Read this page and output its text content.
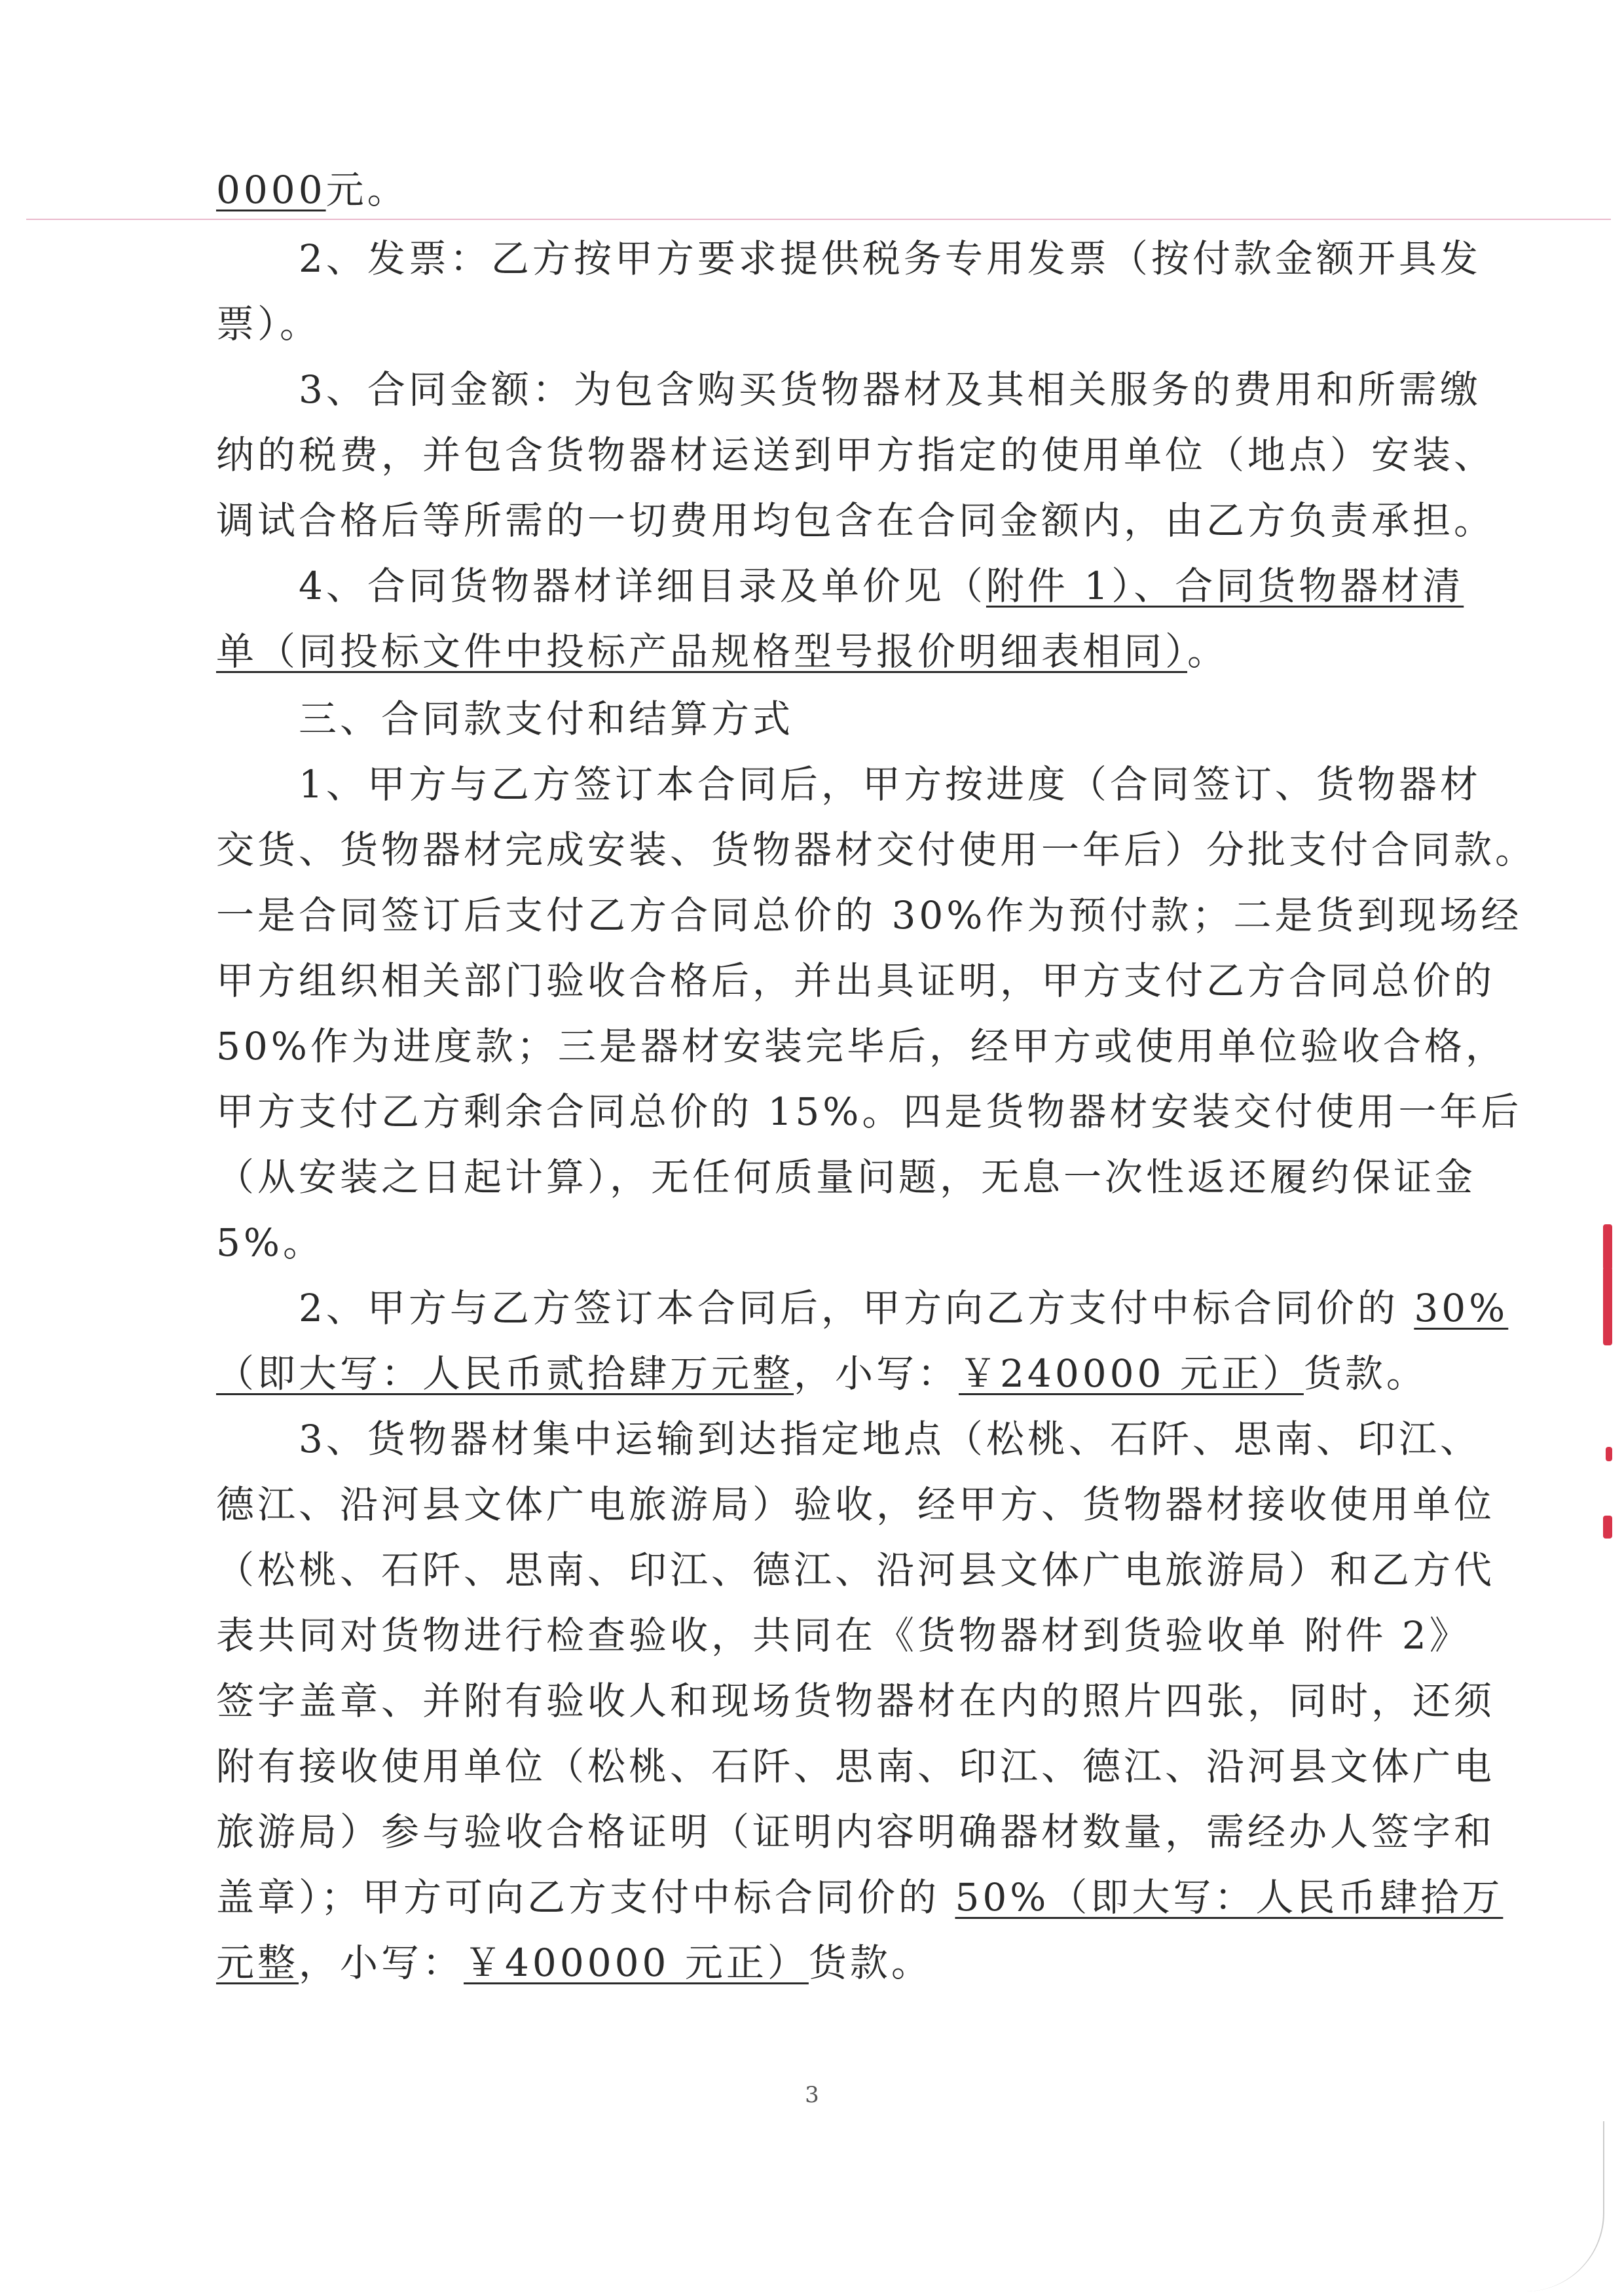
0000元。
　　2、发票：乙方按甲方要求提供税务专用发票（按付款金额开具发
票）。
　　3、合同金额：为包含购买货物器材及其相关服务的费用和所需缴
纳的税费，并包含货物器材运送到甲方指定的使用单位（地点）安装、
调试合格后等所需的一切费用均包含在合同金额内，由乙方负责承担。
　　4、合同货物器材详细目录及单价见（附件 1）、合同货物器材清
单（同投标文件中投标产品规格型号报价明细表相同）。
　　三、合同款支付和结算方式
　　1、甲方与乙方签订本合同后，甲方按进度（合同签订、货物器材
交货、货物器材完成安装、货物器材交付使用一年后）分批支付合同款。
一是合同签订后支付乙方合同总价的 30%作为预付款；二是货到现场经
甲方组织相关部门验收合格后，并出具证明，甲方支付乙方合同总价的
50%作为进度款；三是器材安装完毕后，经甲方或使用单位验收合格，
甲方支付乙方剩余合同总价的 15%。四是货物器材安装交付使用一年后
（从安装之日起计算），无任何质量问题，无息一次性返还履约保证金
5%。
　　2、甲方与乙方签订本合同后，甲方向乙方支付中标合同价的 30%
（即大写：人民币贰拾肆万元整，小写：￥240000 元正）货款。
　　3、货物器材集中运输到达指定地点（松桃、石阡、思南、印江、
德江、沿河县文体广电旅游局）验收，经甲方、货物器材接收使用单位
（松桃、石阡、思南、印江、德江、沿河县文体广电旅游局）和乙方代
表共同对货物进行检查验收，共同在《货物器材到货验收单 附件 2》
签字盖章、并附有验收人和现场货物器材在内的照片四张，同时，还须
附有接收使用单位（松桃、石阡、思南、印江、德江、沿河县文体广电
旅游局）参与验收合格证明（证明内容明确器材数量，需经办人签字和
盖章）；甲方可向乙方支付中标合同价的 50%（即大写：人民币肆拾万
元整，小写：￥400000 元正）货款。
3
